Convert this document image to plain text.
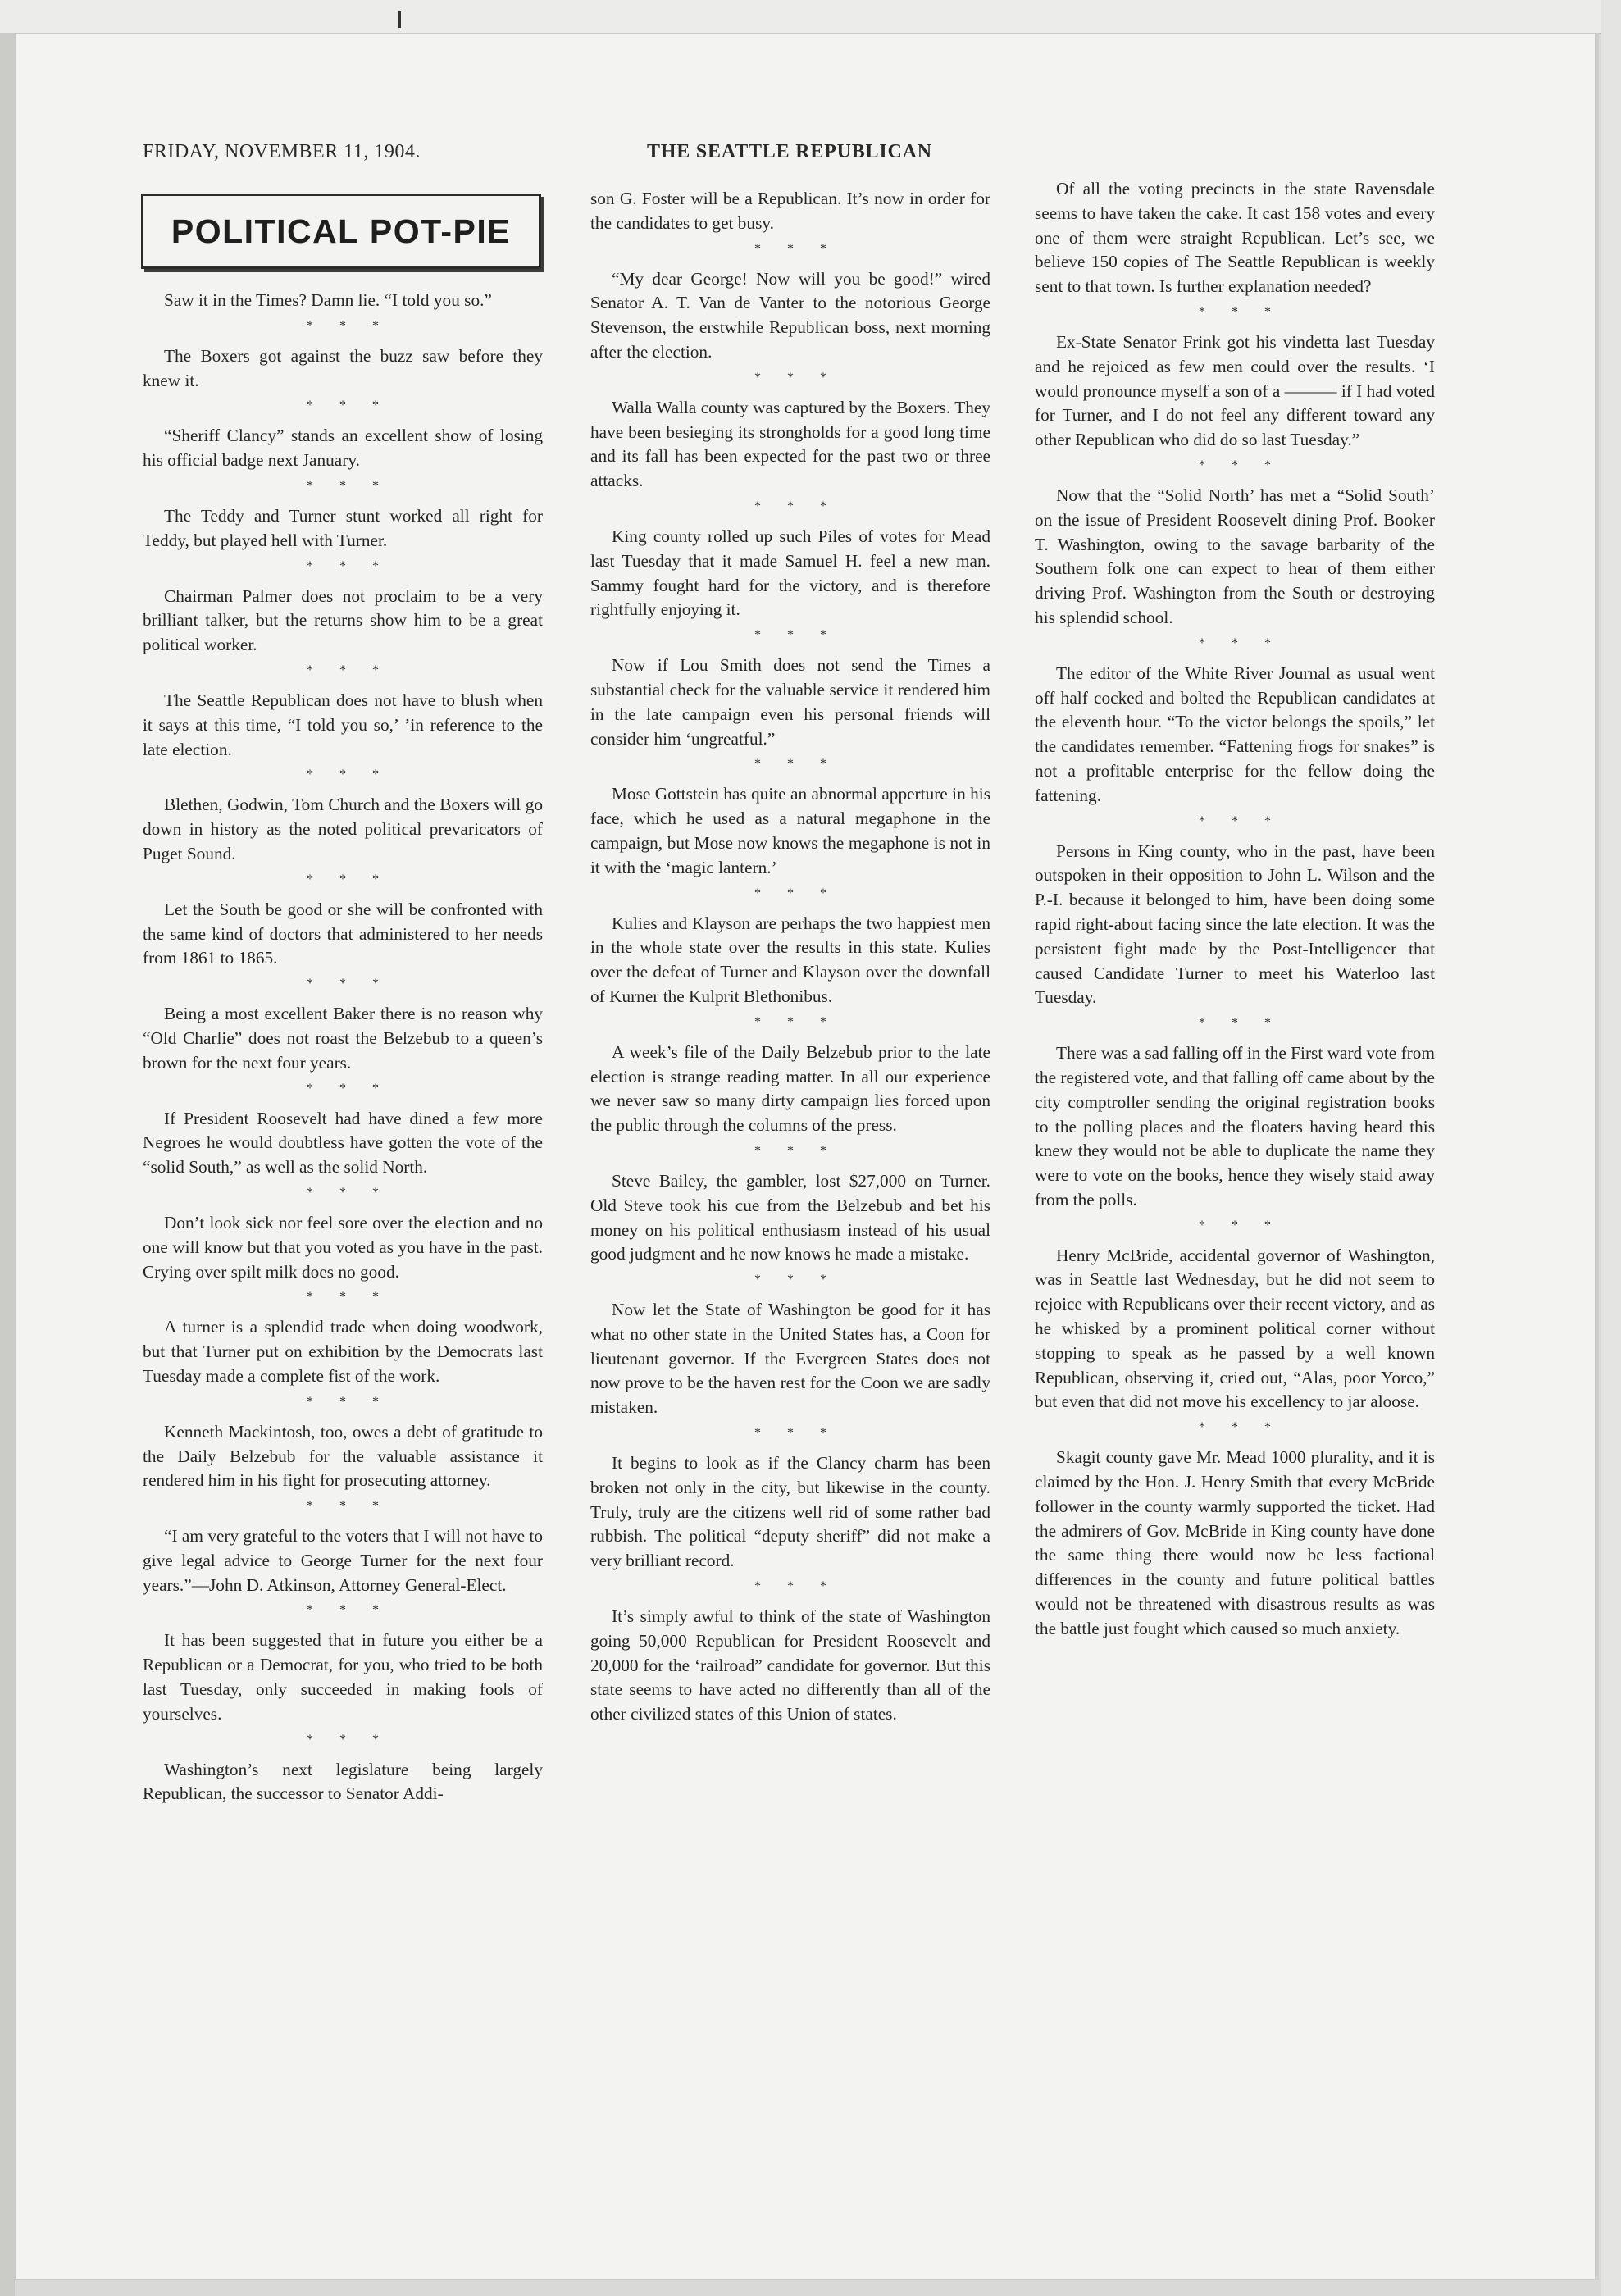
FRIDAY, NOVEMBER 11, 1904.	THE SEATTLE REPUBLICAN
POLITICAL POT-PIE

Saw it in the Times? Damn lie. “I told you so.”

* * *

The Boxers got against the buzz saw before they knew it.

* * *

“Sheriff Clancy” stands an excellent show of losing his official badge next January.

* * *

The Teddy and Turner stunt worked all right for Teddy, but played hell with Turner.

* * *

Chairman Palmer does not proclaim to be a very brilliant talker, but the returns show him to be a great political worker.

* * *

The Seattle Republican does not have to blush when it says at this time, “I told you so,’ ’in reference to the late election.

* * *

Blethen, Godwin, Tom Church and the Boxers will go down in history as the noted political prevaricators of Puget Sound.

* * *

Let the South be good or she will be confronted with the same kind of doctors that administered to her needs from 1861 to 1865.

* * *

Being a most excellent Baker there is no reason why “Old Charlie” does not roast the Belzebub to a queen’s brown for the next four years.

* * *

If President Roosevelt had have dined a few more Negroes he would doubtless have gotten the vote of the “solid South,” as well as the solid North.

* * *

Don’t look sick nor feel sore over the election and no one will know but that you voted as you have in the past. Crying over spilt milk does no good.

* * *

A turner is a splendid trade when doing woodwork, but that Turner put on exhibition by the Democrats last Tuesday made a complete fist of the work.

* * *

Kenneth Mackintosh, too, owes a debt of gratitude to the Daily Belzebub for the valuable assistance it rendered him in his fight for prosecuting attorney.

* * *

“I am very grateful to the voters that I will not have to give legal advice to George Turner for the next four years.”—John D. Atkinson, Attorney General-Elect.

* * *

It has been suggested that in future you either be a Republican or a Democrat, for you, who tried to be both last Tuesday, only succeeded in making fools of yourselves.

* * *

Washington’s next legislature being largely Republican, the successor to Senator Addi-

son G. Foster will be a Republican. It’s now in order for the candidates to get busy.

* * *

“My dear George! Now will you be good!” wired Senator A. T. Van de Vanter to the notorious George Stevenson, the erstwhile Republican boss, next morning after the election.

* * *

Walla Walla county was captured by the Boxers. They have been besieging its strongholds for a good long time and its fall has been expected for the past two or three attacks.

* * *

King county rolled up such Piles of votes for Mead last Tuesday that it made Samuel H. feel a new man. Sammy fought hard for the victory, and is therefore rightfully enjoying it.

* * *

Now if Lou Smith does not send the Times a substantial check for the valuable service it rendered him in the late campaign even his personal friends will consider him ‘ungreatful.”

* * *

Mose Gottstein has quite an abnormal apperture in his face, which he used as a natural megaphone in the campaign, but Mose now knows the megaphone is not in it with the ‘magic lantern.’

* * *

Kulies and Klayson are perhaps the two happiest men in the whole state over the results in this state. Kulies over the defeat of Turner and Klayson over the downfall of Kurner the Kulprit Blethonibus.

* * *

A week’s file of the Daily Belzebub prior to the late election is strange reading matter. In all our experience we never saw so many dirty campaign lies forced upon the public through the columns of the press.

* * *

Steve Bailey, the gambler, lost $27,000 on Turner. Old Steve took his cue from the Belzebub and bet his money on his political enthusiasm instead of his usual good judgment and he now knows he made a mistake.

* * *

Now let the State of Washington be good for it has what no other state in the United States has, a Coon for lieutenant governor. If the Evergreen States does not now prove to be the haven rest for the Coon we are sadly mistaken.

* * *

It begins to look as if the Clancy charm has been broken not only in the city, but likewise in the county. Truly, truly are the citizens well rid of some rather bad rubbish. The political “deputy sheriff” did not make a very brilliant record.

* * *

It’s simply awful to think of the state of Washington going 50,000 Republican for President Roosevelt and 20,000 for the ‘railroad” candidate for governor. But this state seems to have acted no differently than all of the other civilized states of this Union of states.

Of all the voting precincts in the state Ravensdale seems to have taken the cake. It cast 158 votes and every one of them were straight Republican. Let’s see, we believe 150 copies of The Seattle Republican is weekly sent to that town. Is further explanation needed?

* * *

Ex-State Senator Frink got his vindetta last Tuesday and he rejoiced as few men could over the results. ‘I would pronounce myself a son of a ——— if I had voted for Turner, and I do not feel any different toward any other Republican who did do so last Tuesday.”

* * *

Now that the “Solid North’ has met a “Solid South’ on the issue of President Roosevelt dining Prof. Booker T. Washington, owing to the savage barbarity of the Southern folk one can expect to hear of them either driving Prof. Washington from the South or destroying his splendid school.

* * *

The editor of the White River Journal as usual went off half cocked and bolted the Republican candidates at the eleventh hour. “To the victor belongs the spoils,” let the candidates remember. “Fattening frogs for snakes” is not a profitable enterprise for the fellow doing the fattening.

* * *

Persons in King county, who in the past, have been outspoken in their opposition to John L. Wilson and the P.-I. because it belonged to him, have been doing some rapid right-about facing since the late election. It was the persistent fight made by the Post-Intelligencer that caused Candidate Turner to meet his Waterloo last Tuesday.

* * *

There was a sad falling off in the First ward vote from the registered vote, and that falling off came about by the city comptroller sending the original registration books to the polling places and the floaters having heard this knew they would not be able to duplicate the name they were to vote on the books, hence they wisely staid away from the polls.

* * *

Henry McBride, accidental governor of Washington, was in Seattle last Wednesday, but he did not seem to rejoice with Republicans over their recent victory, and as he whisked by a prominent political corner without stopping to speak as he passed by a well known Republican, observing it, cried out, “Alas, poor Yorco,” but even that did not move his excellency to jar aloose.

* * *

Skagit county gave Mr. Mead 1000 plurality, and it is claimed by the Hon. J. Henry Smith that every McBride follower in the county warmly supported the ticket. Had the admirers of Gov. McBride in King county have done the same thing there would now be less factional differences in the county and future political battles would not be threatened with disastrous results as was the battle just fought which caused so much anxiety.
